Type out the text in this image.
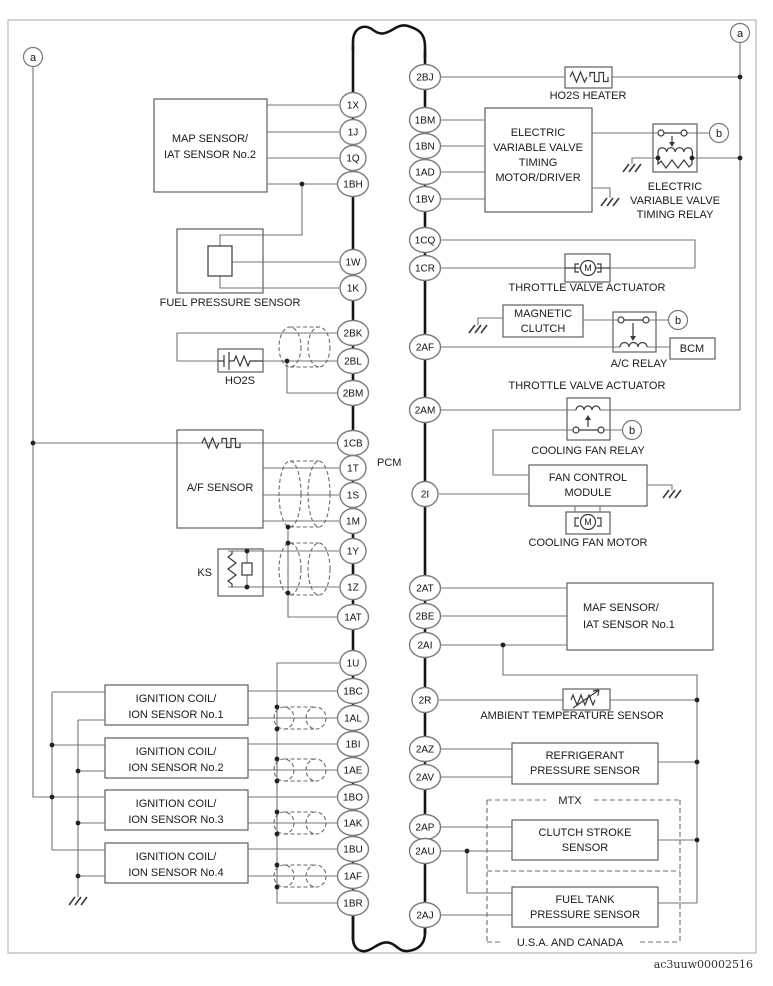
1X
1J
1Q
1BH
1W
1K
2BK
2BL
2BM
1CB
1T
1S
1M
1Y
1Z
1AT
1U
1BC
1AL
1BI
1AE
1BO
1AK
1BU
1AF
1BR
2BJ
1BM
1BN
1AD
1BV
1CQ
1CR
2AF
2AM
2I
2AT
2BE
2AI
2R
2AZ
2AV
2AP
2AU
2AJ
a
a
b
b
b
MAP SENSOR/
IAT SENSOR No.2
FUEL PRESSURE SENSOR
HO2S
A/F SENSOR
KS
IGNITION COIL/
ION SENSOR No.1
IGNITION COIL/
ION SENSOR No.2
IGNITION COIL/
ION SENSOR No.3
IGNITION COIL/
ION SENSOR No.4
HO2S HEATER
ELECTRIC
VARIABLE VALVE
TIMING
MOTOR/DRIVER
ELECTRIC
VARIABLE VALVE
TIMING RELAY
THROTTLE VALVE ACTUATOR
MAGNETIC
CLUTCH
A/C RELAY
BCM
THROTTLE VALVE ACTUATOR
COOLING FAN RELAY
FAN CONTROL
MODULE
COOLING FAN MOTOR
MAF SENSOR/
IAT SENSOR No.1
AMBIENT TEMPERATURE SENSOR
REFRIGERANT
PRESSURE SENSOR
MTX
CLUTCH STROKE
SENSOR
FUEL TANK
PRESSURE SENSOR
U.S.A. AND CANADA
PCM
M
M
ac3uuw00002516
